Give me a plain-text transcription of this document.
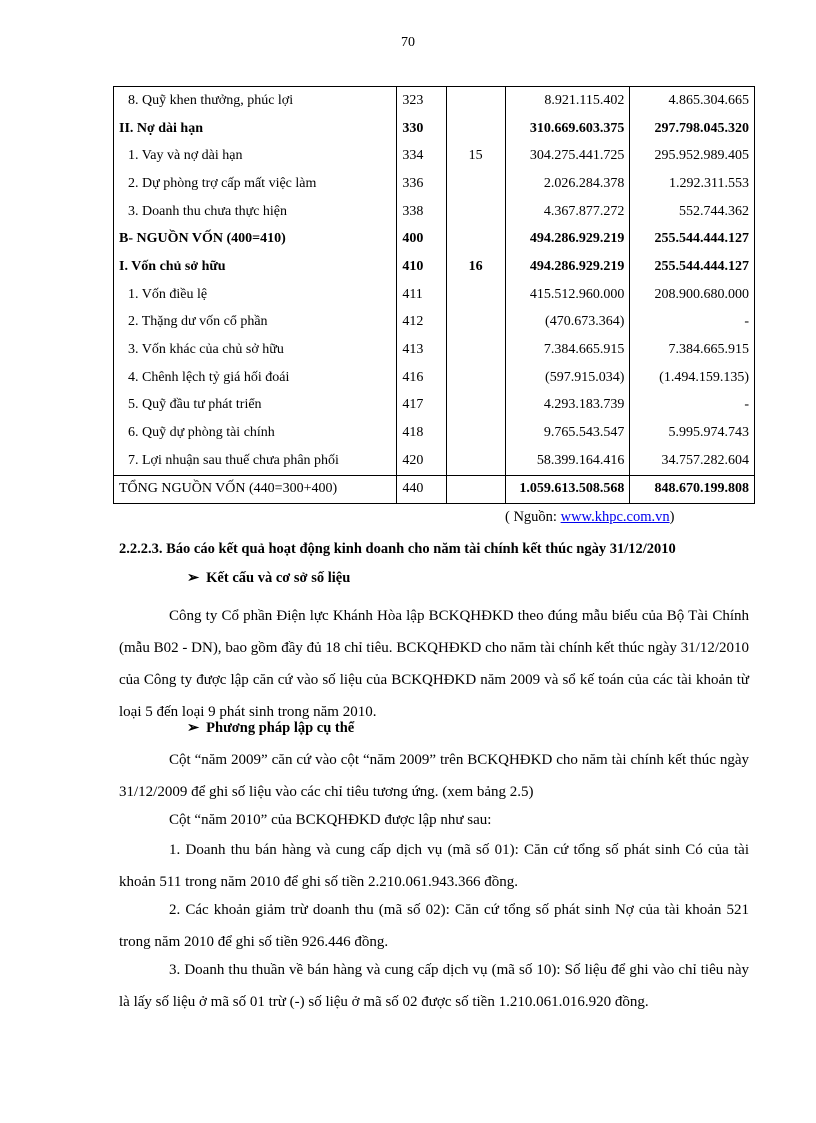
70
8. Quỹ khen thưởng, phúc lợi	323		8.921.115.402	4.865.304.665
II. Nợ dài hạn	330		310.669.603.375	297.798.045.320
1. Vay và nợ dài hạn	334	15	304.275.441.725	295.952.989.405
2. Dự phòng trợ cấp mất việc làm	336		2.026.284.378	1.292.311.553
3. Doanh thu chưa thực hiện	338		4.367.877.272	552.744.362
B- NGUỒN VỐN (400=410)	400		494.286.929.219	255.544.444.127
I. Vốn chủ sở hữu	410	16	494.286.929.219	255.544.444.127
1. Vốn điều lệ	411		415.512.960.000	208.900.680.000
2. Thặng dư vốn cổ phần	412		(470.673.364)	-
3. Vốn khác của chủ sở hữu	413		7.384.665.915	7.384.665.915
4. Chênh lệch tỷ giá hối đoái	416		(597.915.034)	(1.494.159.135)
5. Quỹ đầu tư phát triển	417		4.293.183.739	-
6. Quỹ dự phòng tài chính	418		9.765.543.547	5.995.974.743
7. Lợi nhuận sau thuế chưa phân phối	420		58.399.164.416	34.757.282.604
TỔNG NGUỒN VỐN (440=300+400)	440		1.059.613.508.568	848.670.199.808
( Nguồn: www.khpc.com.vn)
2.2.2.3. Báo cáo kết quả hoạt động kinh doanh cho năm tài chính kết thúc ngày 31/12/2010
➢ Kết cấu và cơ sở số liệu

Công ty Cổ phần Điện lực Khánh Hòa lập BCKQHĐKD theo đúng mẫu biểu của Bộ Tài Chính (mẫu B02 - DN), bao gồm đầy đủ 18 chỉ tiêu. BCKQHĐKD cho năm tài chính kết thúc ngày 31/12/2010 của Công ty được lập căn cứ vào số liệu của BCKQHĐKD năm 2009 và sổ kế toán của các tài khoản từ loại 5 đến loại 9 phát sinh trong năm 2010.

➢ Phương pháp lập cụ thể

Cột “năm 2009” căn cứ vào cột “năm 2009” trên BCKQHĐKD cho năm tài chính kết thúc ngày 31/12/2009 để ghi số liệu vào các chỉ tiêu tương ứng. (xem bảng 2.5)

Cột “năm 2010” của BCKQHĐKD được lập như sau:

1. Doanh thu bán hàng và cung cấp dịch vụ (mã số 01): Căn cứ tổng số phát sinh Có của tài khoản 511 trong năm 2010 để ghi số tiền 2.210.061.943.366 đồng.

2. Các khoản giảm trừ doanh thu (mã số 02): Căn cứ tổng số phát sinh Nợ của tài khoản 521 trong năm 2010 để ghi số tiền 926.446 đồng.

3. Doanh thu thuần về bán hàng và cung cấp dịch vụ (mã số 10): Số liệu để ghi vào chỉ tiêu này là lấy số liệu ở mã số 01 trừ (-) số liệu ở mã số 02 được số tiền 1.210.061.016.920 đồng.
